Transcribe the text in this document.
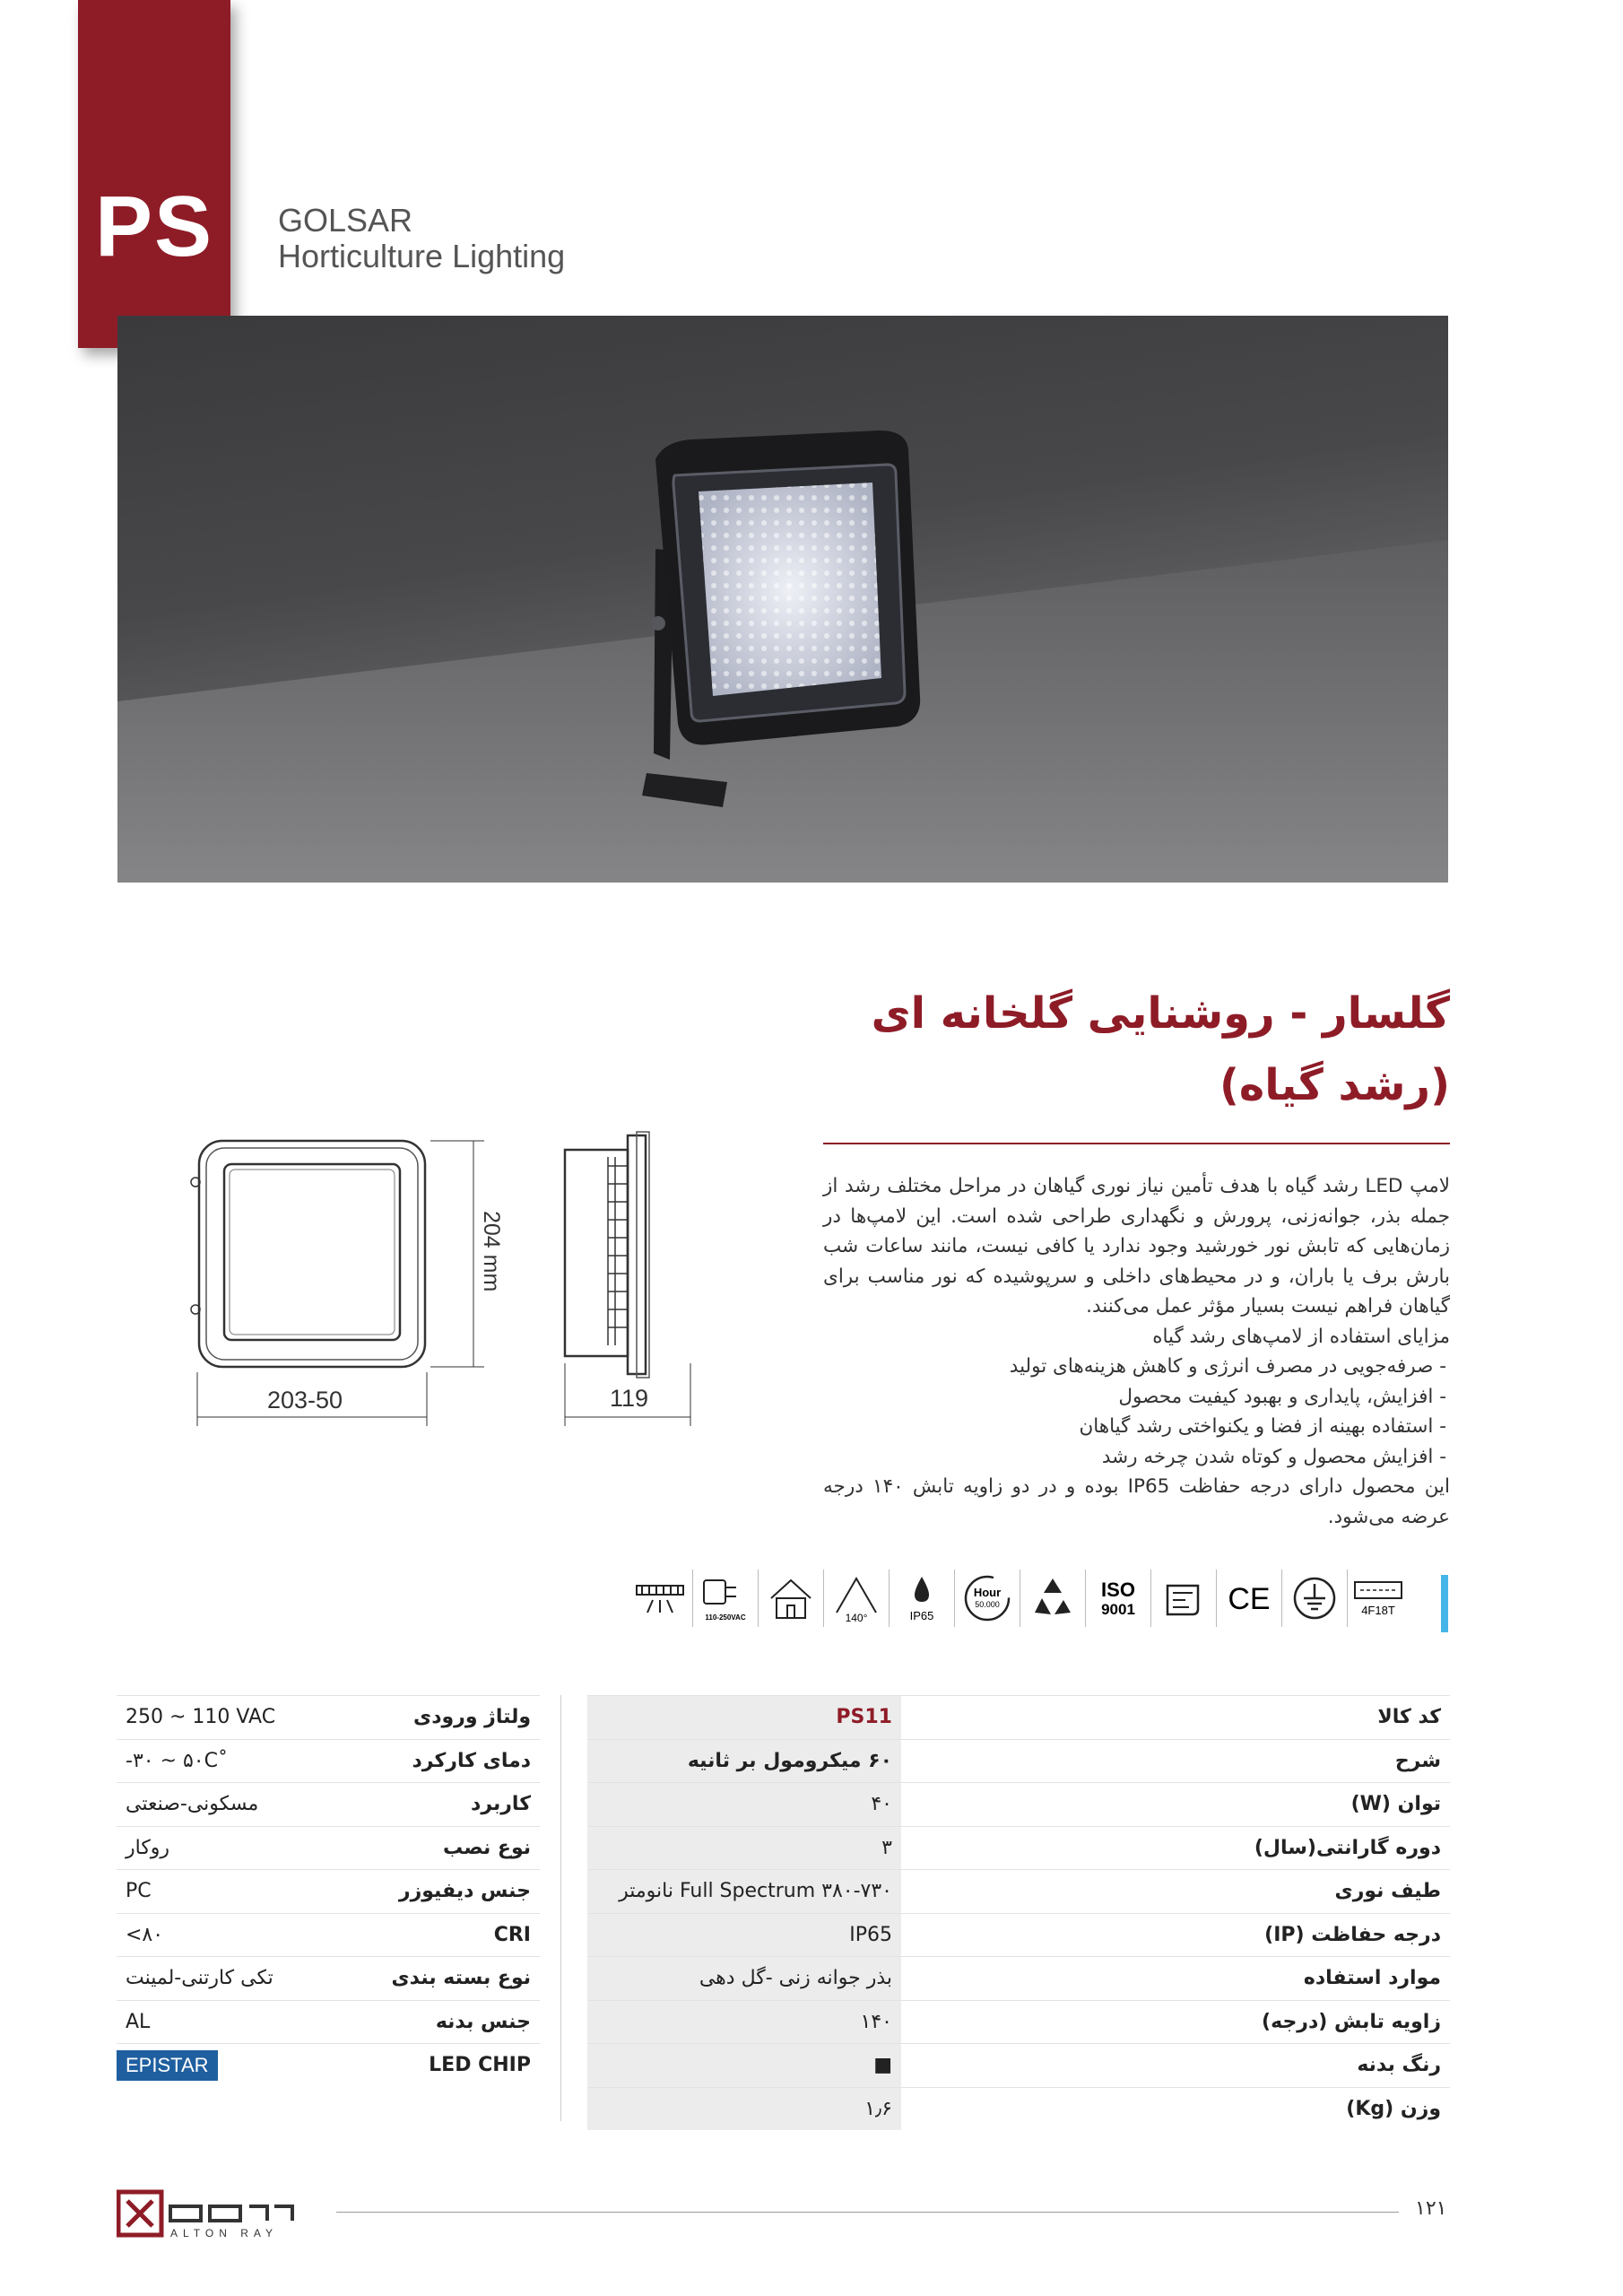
PS	GOLSAR
Horticulture Lighting
گلسار - روشنایی گلخانه ای
(رشد گیاه)
203-50
204 mm
119

لامپ LED رشد گیاه با هدف تأمین نیاز نوری گیاهان در مراحل مختلف رشد از جمله بذر، جوانه‌زنی، پرورش و نگهداری طراحی شده است. این لامپ‌ها در زمان‌هایی که تابش نور خورشید وجود ندارد یا کافی نیست، مانند ساعات شب بارش برف یا باران، و در محیط‌های داخلی و سرپوشیده که نور مناسب برای گیاهان فراهم نیست بسیار مؤثر عمل می‌کنند.

مزایای استفاده از لامپ‌های رشد گیاه

- صرفه‌جویی در مصرف انرژی و کاهش هزینه‌های تولید

- افزایش، پایداری و بهبود کیفیت محصول

- استفاده بهینه از فضا و یکنواختی رشد گیاهان

- افزایش محصول و کوتاه شدن چرخه رشد

این محصول دارای درجه حفاظت IP65 بوده و در دو زاویه تابش ۱۴۰ درجه عرضه می‌شود.

110-250VAC	140°	IP65
Hour
50.000
ISO
9001	CE	4F18T
PS11	کد کالا
۶۰ میکرومول بر ثانیه	شرح
۴۰	توان (W)
۳	دوره گارانتی(سال)
Full Spectrum ۳۸۰-۷۳۰ نانومتر	طیف نوری
IP65	درجه حفاظت (IP)
بذر جوانه زنی -گل دهی	موارد استفاده
۱۴۰	زاویه تابش (درجه)
■	رنگ بدنه
۱٫۶	وزن (Kg)
250 ~ 110 VAC	ولتاژ ورودی
-۳۰ ~ ۵۰C˚	دمای کارکرد
مسکونی-صنعتی	کاربرد
روکار	نوع نصب
PC	جنس دیفیوزر
<۸۰	CRI
تکی کارتنی-لمینت	نوع بسته بندی
AL	جنس بدنه
EPISTAR	LED CHIP
ALTON RAY
۱۲۱
